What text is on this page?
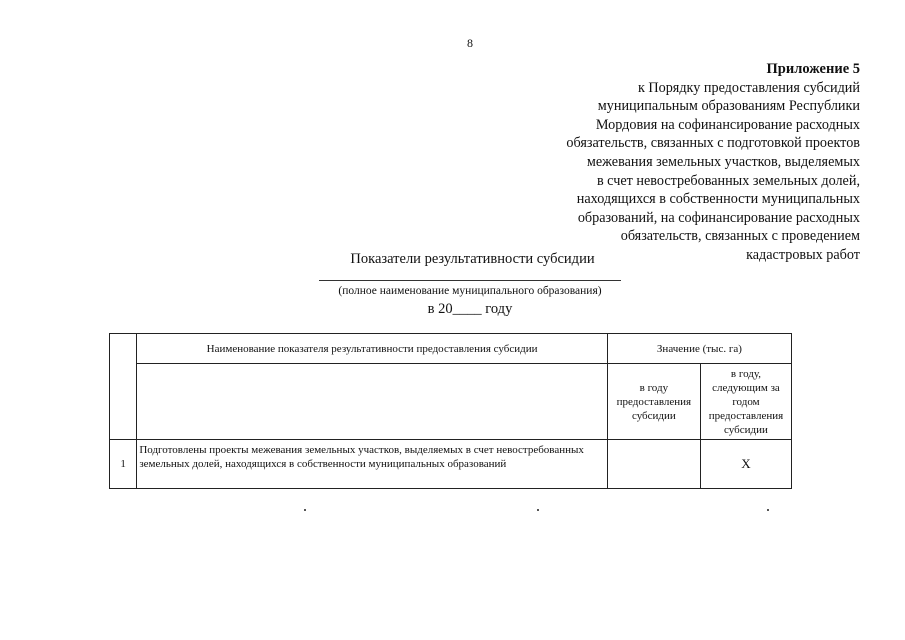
8
Приложение 5
к Порядку предоставления субсидий
муниципальным образованиям Республики
Мордовия на софинансирование расходных
обязательств, связанных с подготовкой проектов
межевания земельных участков, выделяемых
в счет невостребованных земельных долей,
находящихся в собственности муниципальных
образований, на софинансирование расходных
обязательств, связанных с проведением
кадастровых работ
Показатели результативности субсидии
(полное наименование муниципального образования)
в 20____ году
	Наименование показателя результативности предоставления субсидии	Значение (тыс. га)	
		в году предоставления субсидии	в году, следующим за годом предоставления субсидии
1	Подготовлены проекты межевания земельных участков, выделяемых в счет невостребованных земельных долей, находящихся в собственности муниципальных образований		Х
